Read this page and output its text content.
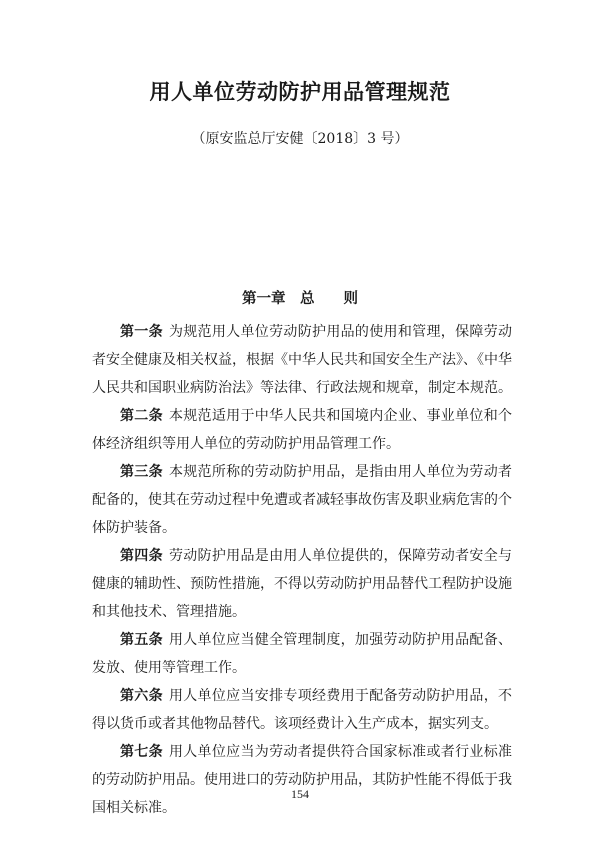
用人单位劳动防护用品管理规范
（原安监总厅安健〔2018〕3 号）
第一章　总　　则

第一条 为规范用人单位劳动防护用品的使用和管理，保障劳动者安全健康及相关权益，根据《中华人民共和国安全生产法》、《中华人民共和国职业病防治法》等法律、行政法规和规章，制定本规范。

第二条 本规范适用于中华人民共和国境内企业、事业单位和个体经济组织等用人单位的劳动防护用品管理工作。

第三条 本规范所称的劳动防护用品，是指由用人单位为劳动者配备的，使其在劳动过程中免遭或者减轻事故伤害及职业病危害的个体防护装备。

第四条 劳动防护用品是由用人单位提供的，保障劳动者安全与健康的辅助性、预防性措施，不得以劳动防护用品替代工程防护设施和其他技术、管理措施。

第五条 用人单位应当健全管理制度，加强劳动防护用品配备、发放、使用等管理工作。

第六条 用人单位应当安排专项经费用于配备劳动防护用品，不得以货币或者其他物品替代。该项经费计入生产成本，据实列支。

第七条 用人单位应当为劳动者提供符合国家标准或者行业标准的劳动防护用品。使用进口的劳动防护用品，其防护性能不得低于我国相关标准。

154
